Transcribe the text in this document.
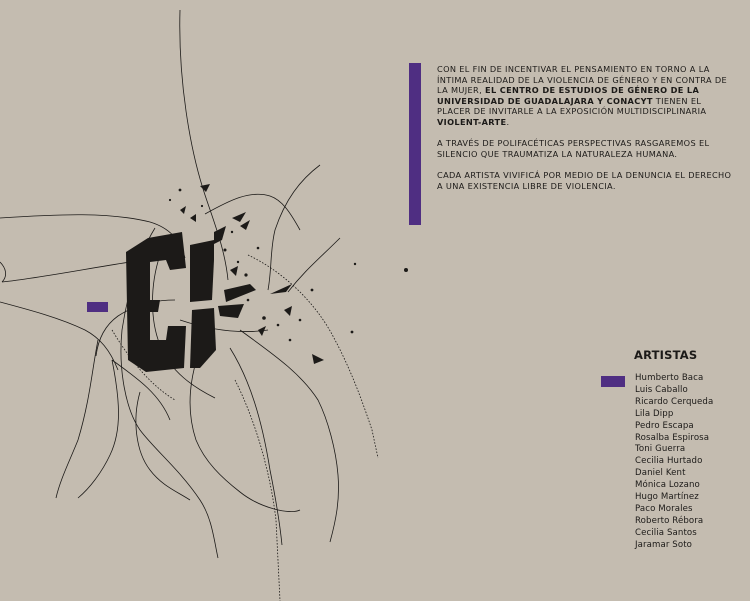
CON EL FIN DE INCENTIVAR EL PENSAMIENTO EN TORNO A LA ÍNTIMA REALIDAD DE LA VIOLENCIA DE GÉNERO Y EN CONTRA DE LA MUJER, EL CENTRO DE ESTUDIOS DE GÉNERO DE LA UNIVERSIDAD DE GUADALAJARA Y CONACYT TIENEN EL PLACER DE INVITARLE A LA EXPOSICIÓN MULTIDISCIPLINARIA VIOLENT-ARTE.

A TRAVÉS DE POLIFACÉTICAS PERSPECTIVAS RASGAREMOS EL SILENCIO QUE TRAUMATIZA LA NATURALEZA HUMANA.

CADA ARTISTA VIVIFICÁ POR MEDIO DE LA DENUNCIA EL DERECHO A UNA EXISTENCIA LIBRE DE VIOLENCIA.

ARTISTAS
Humberto Baca
Luis Caballo
Ricardo Cerqueda
Lila Dipp
Pedro Escapa
Rosalba Espirosa
Toni Guerra
Cecilia Hurtado
Daniel Kent
Mónica Lozano
Hugo Martínez
Paco Morales
Roberto Rébora
Cecilia Santos
Jaramar Soto
